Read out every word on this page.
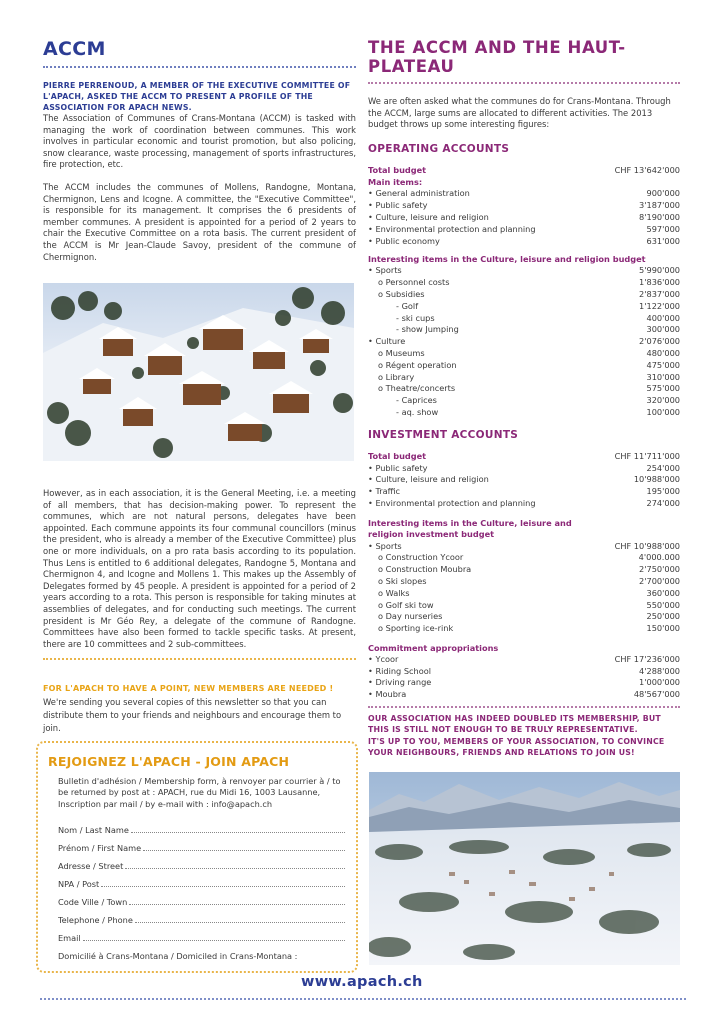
ACCM

PIERRE PERRENOUD, A MEMBER OF THE EXECUTIVE COMMITTEE OF L'APACH, ASKED THE ACCM TO PRESENT A PROFILE OF THE ASSOCIATION FOR APACH NEWS.

The Association of Communes of Crans-Montana (ACCM) is tasked with managing the work of coordination between communes. This work involves in particular economic and tourist promotion, but also policing, snow clearance, waste processing, management of sports infrastructures, fire protection, etc.

The ACCM includes the communes of Mollens, Randogne, Montana, Chermignon, Lens and Icogne. A committee, the "Executive Committee", is responsible for its management. It comprises the 6 presidents of member communes. A president is appointed for a period of 2 years to chair the Executive Committee on a rota basis. The current president of the ACCM is Mr Jean-Claude Savoy, president of the commune of Chermignon.

However, as in each association, it is the General Meeting, i.e. a meeting of all members, that has decision-making power. To represent the communes, which are not natural persons, delegates have been appointed. Each commune appoints its four communal councillors (minus the president, who is already a member of the Executive Committee) plus one or more individuals, on a pro rata basis according to its population. Thus Lens is entitled to 6 additional delegates, Randogne 5, Montana and Chermignon 4, and Icogne and Mollens 1. This makes up the Assembly of Delegates formed by 45 people. A president is appointed for a period of 2 years according to a rota. This person is responsible for taking minutes at assemblies of delegates, and for conducting such meetings. The current president is Mr Géo Rey, a delegate of the commune of Randogne. Committees have also been formed to tackle specific tasks. At present, there are 10 committees and 2 sub-committees.

FOR L'APACH TO HAVE A POINT, NEW MEMBERS ARE NEEDED !

We're sending you several copies of this newsletter so that you can distribute them to your friends and neighbours and encourage them to join.

REJOIGNEZ L'APACH - JOIN APACH

Bulletin d'adhésion / Membership form, à renvoyer par courrier à / to be returned by post at : APACH, rue du Midi 16, 1003 Lausanne, Inscription par mail / by e-mail with : info@apach.ch

Nom / Last Name
Prénom / First Name
Adresse / Street
NPA / Post
Code Ville / Town
Telephone / Phone
Email
Domicilié à Crans-Montana / Domiciled in Crans-Montana :
THE ACCM AND THE HAUT-PLATEAU

We are often asked what the communes do for Crans-Montana. Through the ACCM, large sums are allocated to different activities. The 2013 budget throws up some interesting figures:

OPERATING ACCOUNTS
Total budget	CHF 13'642'000
Main items:	
• General administration	900'000
• Public safety	3'187'000
• Culture, leisure and religion	8'190'000
• Environmental protection and planning	597'000
• Public economy	631'000
Interesting items in the Culture, leisure and religion budget
• Sports	5'990'000
o Personnel costs	1'836'000
o Subsidies	2'837'000
- Golf	1'122'000
- ski cups	400'000
- show Jumping	300'000
• Culture	2'076'000
o Museums	480'000
o Régent operation	475'000
o Library	310'000
o Theatre/concerts	575'000
- Caprices	320'000
- aq. show	100'000
INVESTMENT ACCOUNTS
Total budget	CHF 11'711'000
• Public safety	254'000
• Culture, leisure and religion	10'988'000
• Traffic	195'000
• Environmental protection and planning	274'000
Interesting items in the Culture, leisure and religion investment budget
• Sports	CHF 10'988'000
o Construction Ycoor	4'000.000
o Construction Moubra	2'750'000
o Ski slopes	2'700'000
o Walks	360'000
o Golf ski tow	550'000
o Day nurseries	250'000
o Sporting ice-rink	150'000
Commitment appropriations
• Ycoor	CHF 17'236'000
• Riding School	4'288'000
• Driving range	1'000'000
• Moubra	48'567'000

OUR ASSOCIATION HAS INDEED DOUBLED ITS MEMBERSHIP, BUT THIS IS STILL NOT ENOUGH TO BE TRULY REPRESENTATIVE.

IT'S UP TO YOU, MEMBERS OF YOUR ASSOCIATION, TO CONVINCE YOUR NEIGHBOURS, FRIENDS AND RELATIONS TO JOIN US!

www.apach.ch
